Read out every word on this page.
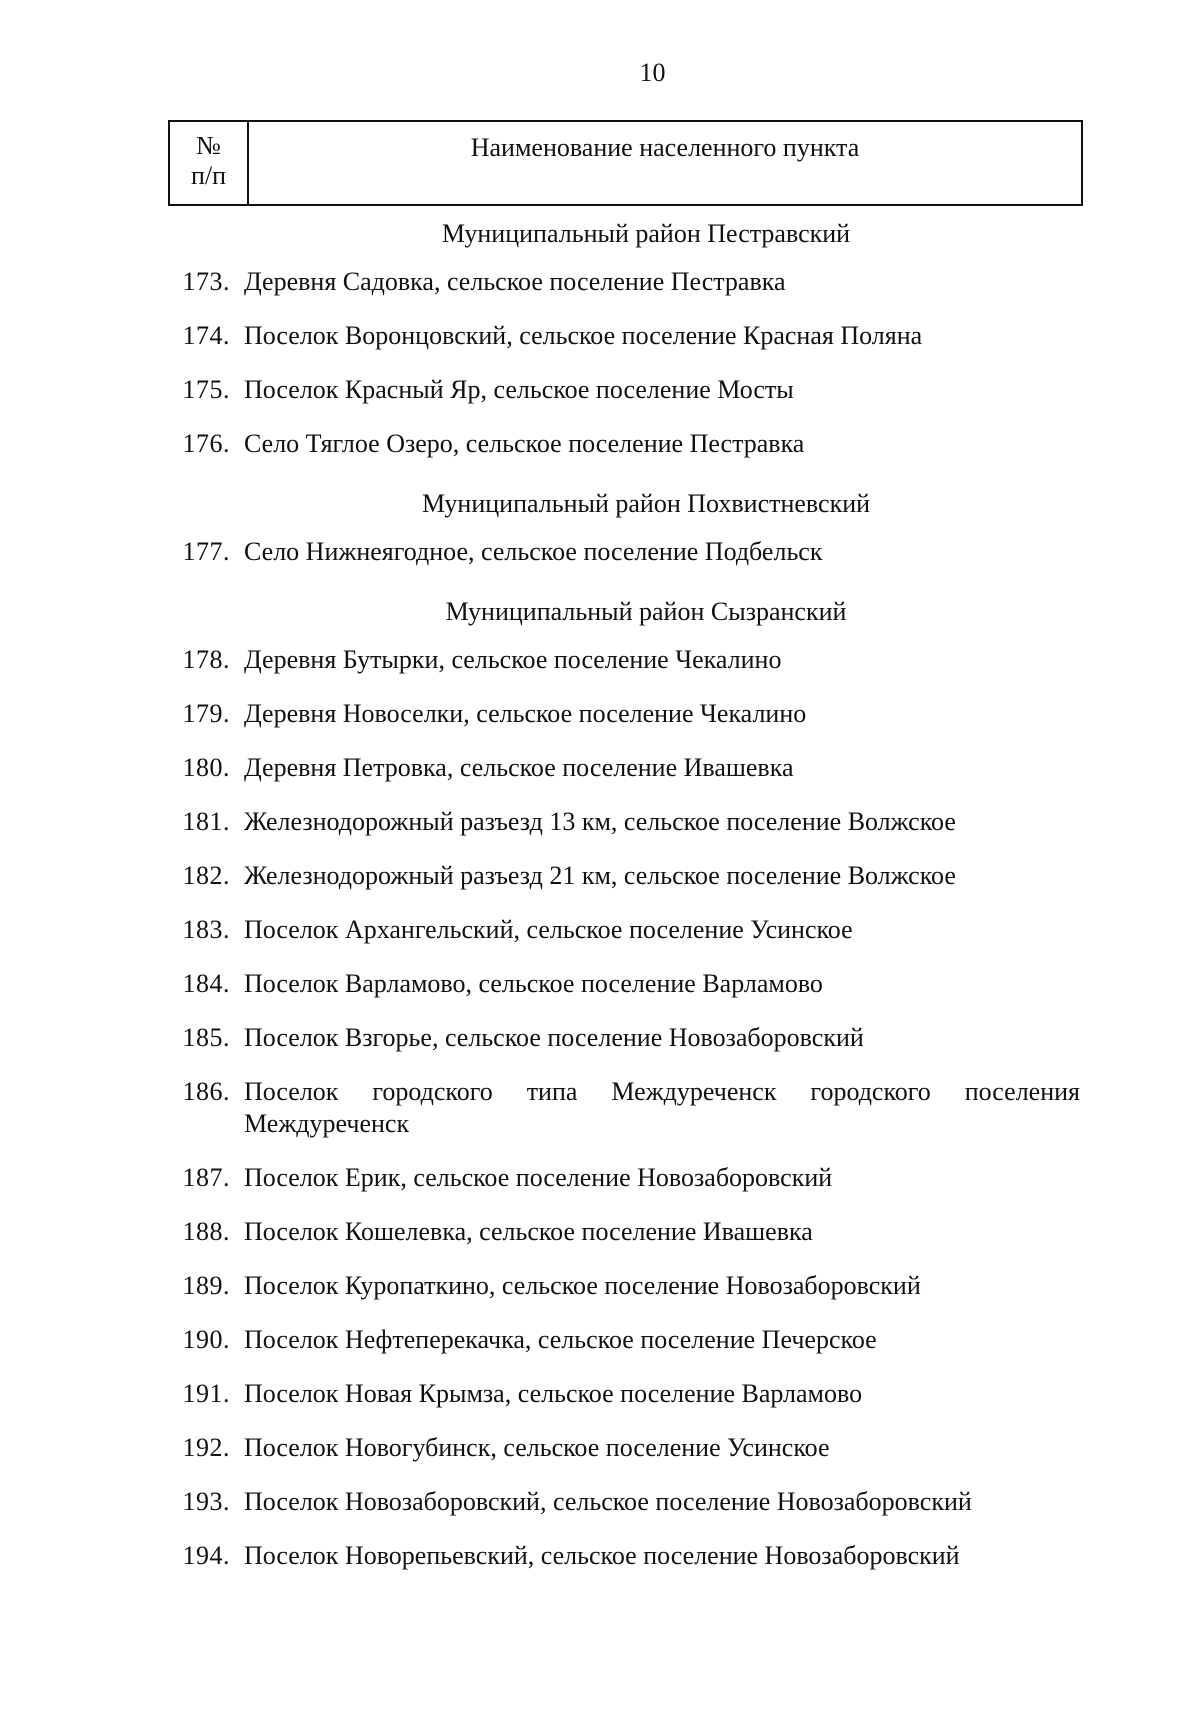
10
№
п/п
Наименование населенного пункта
Муниципальный район Пестравский
173. Деревня Садовка, сельское поселение Пестравка
174. Поселок Воронцовский, сельское поселение Красная Поляна
175. Поселок Красный Яр, сельское поселение Мосты
176. Село Тяглое Озеро, сельское поселение Пестравка
Муниципальный район Похвистневский
177. Село Нижнеягодное, сельское поселение Подбельск
Муниципальный район Сызранский
178. Деревня Бутырки, сельское поселение Чекалино
179. Деревня Новоселки, сельское поселение Чекалино
180. Деревня Петровка, сельское поселение Ивашевка
181. Железнодорожный разъезд 13 км, сельское поселение Волжское
182. Железнодорожный разъезд 21 км, сельское поселение Волжское
183. Поселок Архангельский, сельское поселение Усинское
184. Поселок Варламово, сельское поселение Варламово
185. Поселок Взгорье, сельское поселение Новозаборовский
186. Поселок городского типа Междуреченск городского поселения
Междуреченск
187. Поселок Ерик, сельское поселение Новозаборовский
188. Поселок Кошелевка, сельское поселение Ивашевка
189. Поселок Куропаткино, сельское поселение Новозаборовский
190. Поселок Нефтеперекачка, сельское поселение Печерское
191. Поселок Новая Крымза, сельское поселение Варламово
192. Поселок Новогубинск, сельское поселение Усинское
193. Поселок Новозаборовский, сельское поселение Новозаборовский
194. Поселок Новорепьевский, сельское поселение Новозаборовский
